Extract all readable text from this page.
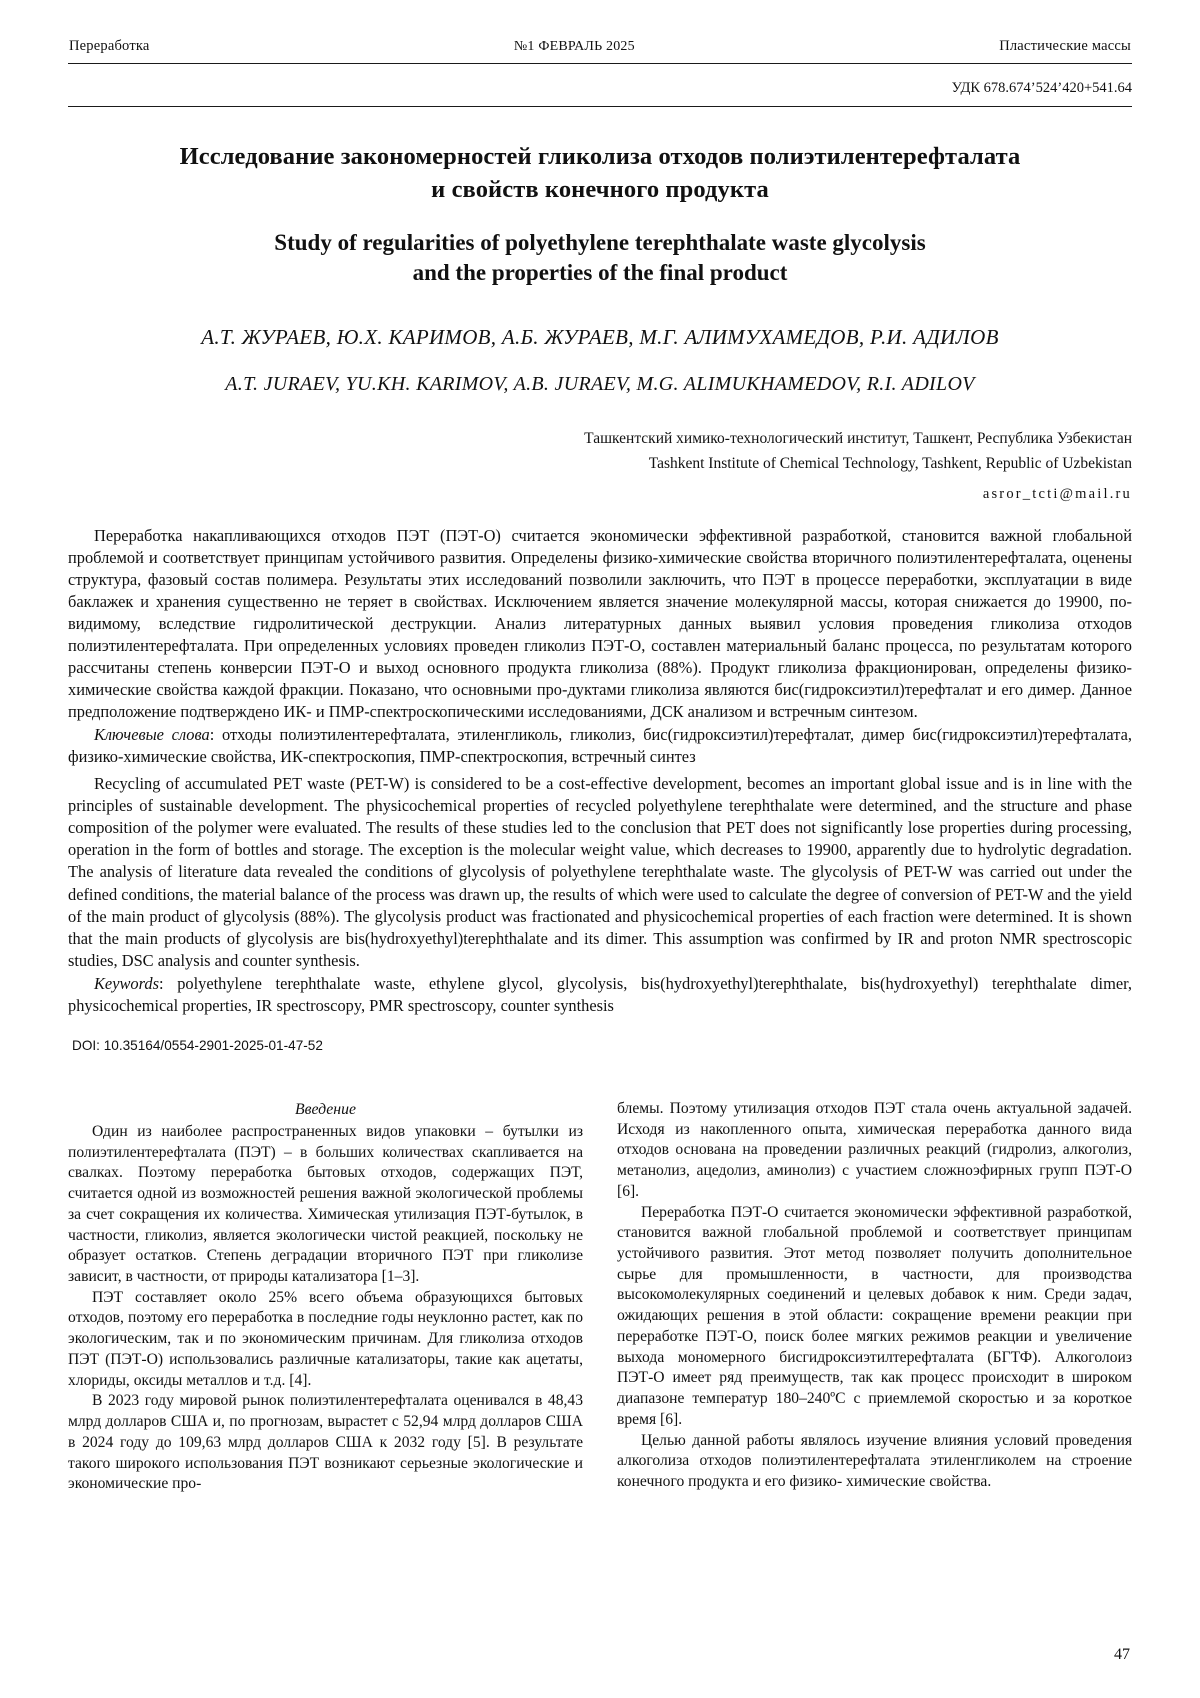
Переработка	№1 ФЕВРАЛЬ 2025	Пластические массы
УДК 678.674’524’420+541.64
Исследование закономерностей гликолиза отходов полиэтилентерефталата
и свойств конечного продукта
Study of regularities of polyethylene terephthalate waste glycolysis
and the properties of the final product
А.Т. ЖУРАЕВ, Ю.Х. КАРИМОВ, А.Б. ЖУРАЕВ, М.Г. АЛИМУХАМЕДОВ, Р.И. АДИЛОВ
A.T. JURAEV, YU.KH. KARIMOV, A.B. JURAEV, M.G. ALIMUKHAMEDOV, R.I. ADILOV
Ташкентский химико-технологический институт, Ташкент, Республика Узбекистан
Tashkent Institute of Chemical Technology, Tashkent, Republic of Uzbekistan
asror_tcti@mail.ru

Переработка накапливающихся отходов ПЭТ (ПЭТ-О) считается экономически эффективной разработкой, становится важной глобальной проблемой и соответствует принципам устойчивого развития. Определены физико-химические свойства вторичного полиэтилентерефталата, оценены структура, фазовый состав полимера. Результаты этих исследований позволили заключить, что ПЭТ в процессе переработки, эксплуатации в виде баклажек и хранения существенно не теряет в свойствах. Исключением является значение молекулярной массы, которая снижается до 19900, по-видимому, вследствие гидролитической деструкции. Анализ литературных данных выявил условия проведения гликолиза отходов полиэтилентерефталата. При определенных условиях проведен гликолиз ПЭТ-О, составлен материальный баланс процесса, по результатам которого рассчитаны степень конверсии ПЭТ-О и выход основного продукта гликолиза (88%). Продукт гликолиза фракционирован, определены физико-химические свойства каждой фракции. Показано, что основными про-дуктами гликолиза являются бис(гидроксиэтил)терефталат и его димер. Данное предположение подтверждено ИК- и ПМР-спектроскопическими исследованиями, ДСК анализом и встречным синтезом.

Ключевые слова: отходы полиэтилентерефталата, этиленгликоль, гликолиз, бис(гидроксиэтил)терефталат, димер бис(гидроксиэтил)терефталата, физико-химические свойства, ИК-спектроскопия, ПМР-спектроскопия, встречный синтез

Recycling of accumulated PET waste (PET-W) is considered to be a cost-effective development, becomes an important global issue and is in line with the principles of sustainable development. The physicochemical properties of recycled polyethylene terephthalate were determined, and the structure and phase composition of the polymer were evaluated. The results of these studies led to the conclusion that PET does not significantly lose properties during processing, operation in the form of bottles and storage. The exception is the molecular weight value, which decreases to 19900, apparently due to hydrolytic degradation. The analysis of literature data revealed the conditions of glycolysis of polyethylene terephthalate waste. The glycolysis of PET-W was carried out under the defined conditions, the material balance of the process was drawn up, the results of which were used to calculate the degree of conversion of PET-W and the yield of the main product of glycolysis (88%). The glycolysis product was fractionated and physicochemical properties of each fraction were determined. It is shown that the main products of glycolysis are bis(hydroxyethyl)terephthalate and its dimer. This assumption was confirmed by IR and proton NMR spectroscopic studies, DSC analysis and counter synthesis.

Keywords: polyethylene terephthalate waste, ethylene glycol, glycolysis, bis(hydroxyethyl)terephthalate, bis(hydroxyethyl) terephthalate dimer, physicochemical properties, IR spectroscopy, PMR spectroscopy, counter synthesis

DOI: 10.35164/0554-2901-2025-01-47-52

Введение

Один из наиболее распространенных видов упаковки – бутылки из полиэтилентерефталата (ПЭТ) – в больших количествах скапливается на свалках. Поэтому переработка бытовых отходов, содержащих ПЭТ, считается одной из возможностей решения важной экологической проблемы за счет сокращения их количества. Химическая утилизация ПЭТ-бутылок, в частности, гликолиз, является экологически чистой реакцией, поскольку не образует остатков. Степень деградации вторичного ПЭТ при гликолизе зависит, в частности, от природы катализатора [1–3].

ПЭТ составляет около 25% всего объема образующихся бытовых отходов, поэтому его переработка в последние годы неуклонно растет, как по экологическим, так и по экономическим причинам. Для гликолиза отходов ПЭТ (ПЭТ-О) использовались различные катализаторы, такие как ацетаты, хлориды, оксиды металлов и т.д. [4].

В 2023 году мировой рынок полиэтилентерефталата оценивался в 48,43 млрд долларов США и, по прогнозам, вырастет с 52,94 млрд долларов США в 2024 году до 109,63 млрд долларов США к 2032 году [5]. В результате такого широкого использования ПЭТ возникают серьезные экологические и экономические про-

блемы. Поэтому утилизация отходов ПЭТ стала очень актуальной задачей. Исходя из накопленного опыта, химическая переработка данного вида отходов основана на проведении различных реакций (гидролиз, алкоголиз, метанолиз, ацедолиз, аминолиз) с участием сложноэфирных групп ПЭТ-О [6].

Переработка ПЭТ-О считается экономически эффективной разработкой, становится важной глобальной проблемой и соответствует принципам устойчивого развития. Этот метод позволяет получить дополнительное сырье для промышленности, в частности, для производства высокомолекулярных соединений и целевых добавок к ним. Среди задач, ожидающих решения в этой области: сокращение времени реакции при переработке ПЭТ-О, поиск более мягких режимов реакции и увеличение выхода мономерного бисгидроксиэтилтерефталата (БГТФ). Алкоголоиз ПЭТ-О имеет ряд преимуществ, так как процесс происходит в широком диапазоне температур 180–240ºС с приемлемой скоростью и за короткое время [6].

Целью данной работы являлось изучение влияния условий проведения алкоголиза отходов полиэтилентерефталата этиленгликолем на строение конечного продукта и его физико- химические свойства.

47
